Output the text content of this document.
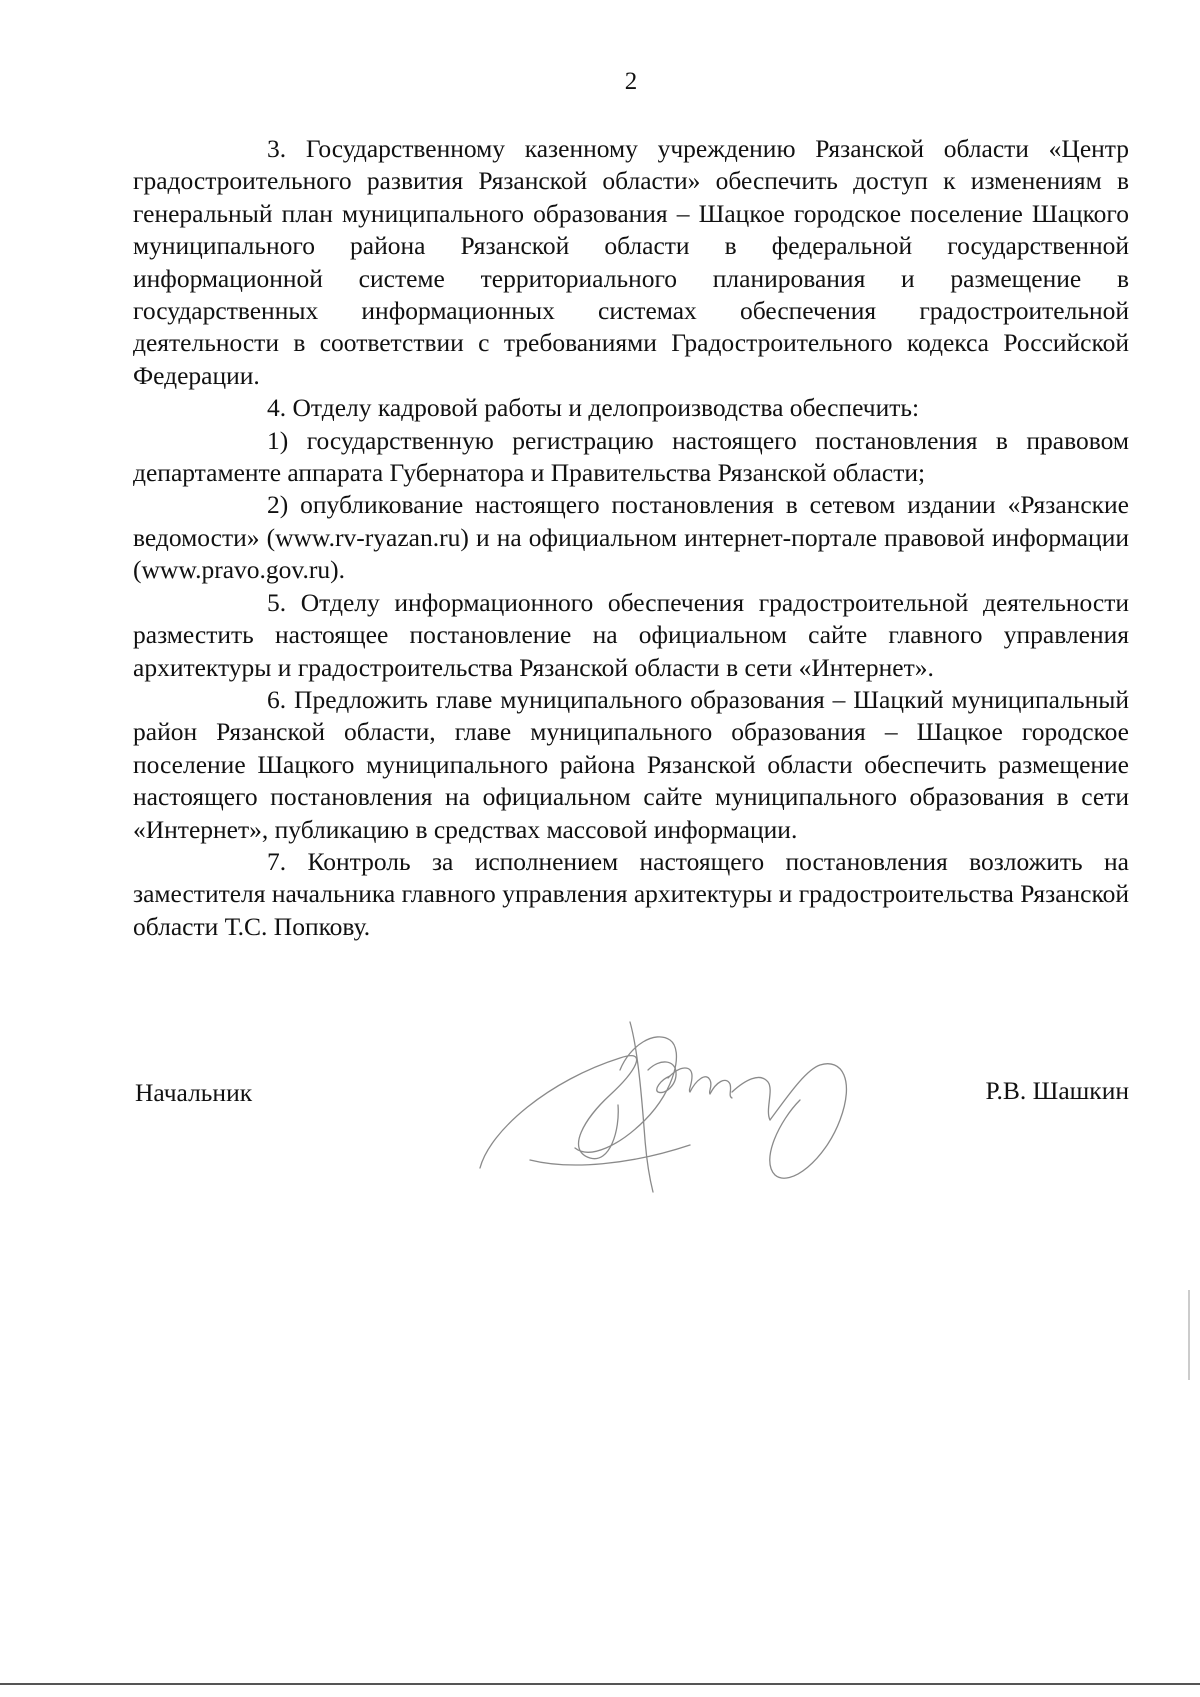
2

3. Государственному казенному учреждению Рязанской области «Центр градостроительного развития Рязанской области» обеспечить доступ к изменениям в генеральный план муниципального образования – Шацкое городское поселение Шацкого муниципального района Рязанской области в федеральной государственной информационной системе территориального планирования и размещение в государственных информационных системах обеспечения градостроительной деятельности в соответствии с требованиями Градостроительного кодекса Российской Федерации.

4. Отделу кадровой работы и делопроизводства обеспечить:

1) государственную регистрацию настоящего постановления в правовом департаменте аппарата Губернатора и Правительства Рязанской области;

2) опубликование настоящего постановления в сетевом издании «Рязанские ведомости» (www.rv-ryazan.ru) и на официальном интернет-портале правовой информации (www.pravo.gov.ru).

5. Отделу информационного обеспечения градостроительной деятельности разместить настоящее постановление на официальном сайте главного управления архитектуры и градостроительства Рязанской области в сети «Интернет».

6. Предложить главе муниципального образования – Шацкий муниципальный район Рязанской области, главе муниципального образования – Шацкое городское поселение Шацкого муниципального района Рязанской области обеспечить размещение настоящего постановления на официальном сайте муниципального образования в сети «Интернет», публикацию в средствах массовой информации.

7. Контроль за исполнением настоящего постановления возложить на заместителя начальника главного управления архитектуры и градостроительства Рязанской области Т.С. Попкову.

Начальник	Р.В. Шашкин
